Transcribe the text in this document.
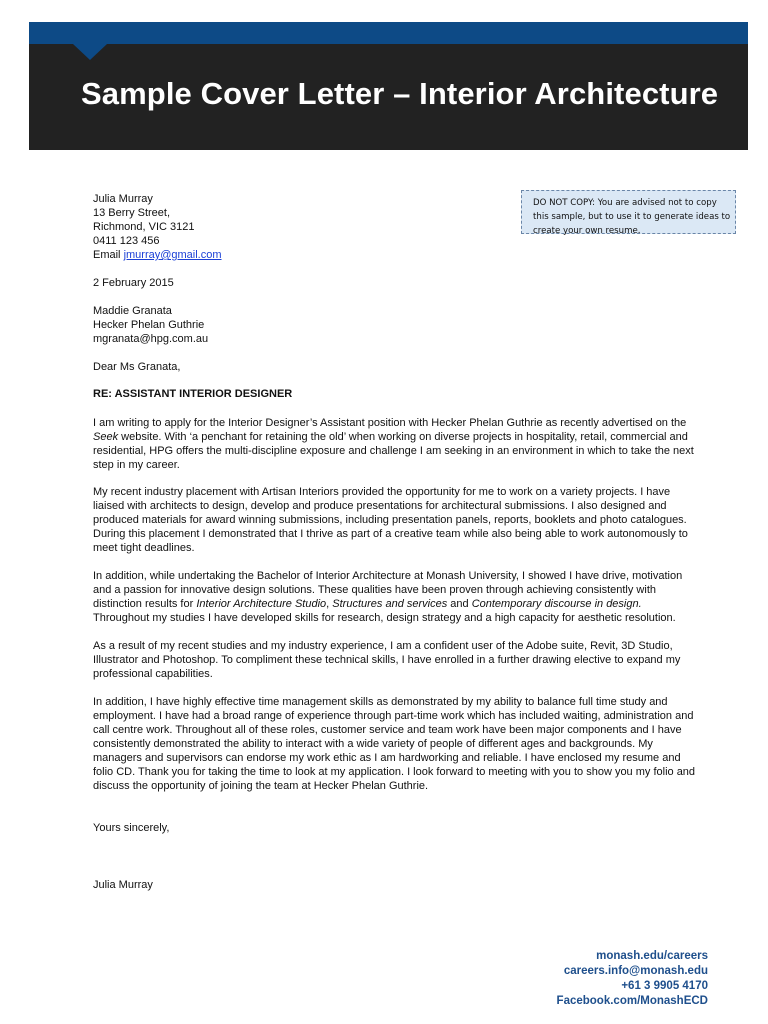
Sample Cover Letter – Interior Architecture
DO NOT COPY: You are advised not to copy
this sample, but to use it to generate ideas to
create your own resume.
Julia Murray
13 Berry Street,
Richmond, VIC 3121
0411 123 456
Email jmurray@gmail.com
2 February 2015
Maddie Granata
Hecker Phelan Guthrie
mgranata@hpg.com.au
Dear Ms Granata,
RE: ASSISTANT INTERIOR DESIGNER
I am writing to apply for the Interior Designer’s Assistant position with Hecker Phelan Guthrie as recently advertised on the
Seek website. With ‘a penchant for retaining the old’ when working on diverse projects in hospitality, retail, commercial and
residential, HPG offers the multi-discipline exposure and challenge I am seeking in an environment in which to take the next
step in my career.
My recent industry placement with Artisan Interiors provided the opportunity for me to work on a variety projects. I have
liaised with architects to design, develop and produce presentations for architectural submissions. I also designed and
produced materials for award winning submissions, including presentation panels, reports, booklets and photo catalogues.
During this placement I demonstrated that I thrive as part of a creative team while also being able to work autonomously to
meet tight deadlines.
In addition, while undertaking the Bachelor of Interior Architecture at Monash University, I showed I have drive, motivation
and a passion for innovative design solutions. These qualities have been proven through achieving consistently with
distinction results for Interior Architecture Studio, Structures and services and Contemporary discourse in design.
Throughout my studies I have developed skills for research, design strategy and a high capacity for aesthetic resolution.
As a result of my recent studies and my industry experience, I am a confident user of the Adobe suite, Revit, 3D Studio,
Illustrator and Photoshop. To compliment these technical skills, I have enrolled in a further drawing elective to expand my
professional capabilities.
In addition, I have highly effective time management skills as demonstrated by my ability to balance full time study and
employment. I have had a broad range of experience through part-time work which has included waiting, administration and
call centre work. Throughout all of these roles, customer service and team work have been major components and I have
consistently demonstrated the ability to interact with a wide variety of people of different ages and backgrounds. My
managers and supervisors can endorse my work ethic as I am hardworking and reliable. I have enclosed my resume and
folio CD. Thank you for taking the time to look at my application. I look forward to meeting with you to show you my folio and
discuss the opportunity of joining the team at Hecker Phelan Guthrie.
Yours sincerely,
Julia Murray
monash.edu/careers
careers.info@monash.edu
+61 3 9905 4170
Facebook.com/MonashECD
